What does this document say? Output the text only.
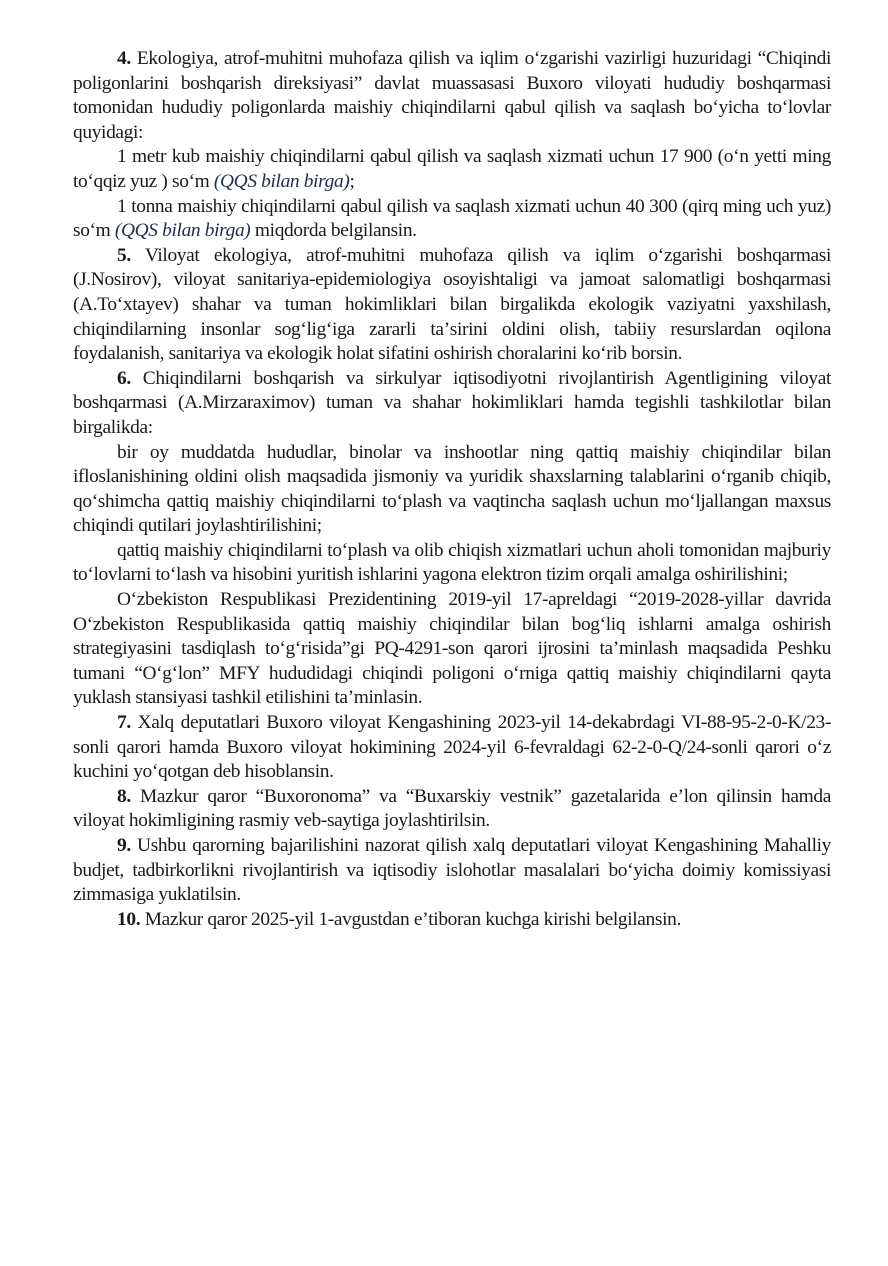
4. Ekologiya, atrof-muhitni muhofaza qilish va iqlim oʻzgarishi vazirligi huzuridagi “Chiqindi poligonlarini boshqarish direksiyasi” davlat muassasasi Buxoro viloyati hududiy boshqarmasi tomonidan hududiy poligonlarda maishiy chiqindilarni qabul qilish va saqlash boʻyicha toʻlovlar quyidagi:

1 metr kub maishiy chiqindilarni qabul qilish va saqlash xizmati uchun 17 900 (oʻn yetti ming toʻqqiz yuz ) soʻm (QQS bilan birga);

1 tonna maishiy chiqindilarni qabul qilish va saqlash xizmati uchun 40 300 (qirq ming uch yuz) soʻm (QQS bilan birga) miqdorda belgilansin.

5. Viloyat ekologiya, atrof-muhitni muhofaza qilish va iqlim oʻzgarishi boshqarmasi (J.Nosirov), viloyat sanitariya-epidemiologiya osoyishtaligi va jamoat salomatligi boshqarmasi (A.Toʻxtayev) shahar va tuman hokimliklari bilan birgalikda ekologik vaziyatni yaxshilash, chiqindilarning insonlar sogʻligʻiga zararli taʼsirini oldini olish, tabiiy resurslardan oqilona foydalanish, sanitariya va ekologik holat sifatini oshirish choralarini koʻrib borsin.

6. Chiqindilarni boshqarish va sirkulyar iqtisodiyotni rivojlantirish Agentligining viloyat boshqarmasi (A.Mirzaraximov) tuman va shahar hokimliklari hamda tegishli tashkilotlar bilan birgalikda:

bir oy muddatda hududlar, binolar va inshootlar ning qattiq maishiy chiqindilar bilan ifloslanishining oldini olish maqsadida jismoniy va yuridik shaxslarning talablarini oʻrganib chiqib, qoʻshimcha qattiq maishiy chiqindilarni toʻplash va vaqtincha saqlash uchun moʻljallangan maxsus chiqindi qutilari joylashtirilishini;

qattiq maishiy chiqindilarni toʻplash va olib chiqish xizmatlari uchun aholi tomonidan majburiy toʻlovlarni toʻlash va hisobini yuritish ishlarini yagona elektron tizim orqali amalga oshirilishini;

Oʻzbekiston Respublikasi Prezidentining 2019-yil 17-apreldagi “2019-2028-yillar davrida Oʻzbekiston Respublikasida qattiq maishiy chiqindilar bilan bogʻliq ishlarni amalga oshirish strategiyasini tasdiqlash toʻgʻrisida”gi PQ-4291-son qarori ijrosini taʼminlash maqsadida Peshku tumani “Oʻgʻlon” MFY hududidagi chiqindi poligoni oʻrniga qattiq maishiy chiqindilarni qayta yuklash stansiyasi tashkil etilishini taʼminlasin.

7. Xalq deputatlari Buxoro viloyat Kengashining 2023-yil 14-dekabrdagi VI-88-95-2-0-K/23-sonli qarori hamda Buxoro viloyat hokimining 2024-yil 6-fevraldagi 62-2-0-Q/24-sonli qarori oʻz kuchini yoʻqotgan deb hisoblansin.

8. Mazkur qaror “Buxoronoma” va “Buxarskiy vestnik” gazetalarida eʼlon qilinsin hamda viloyat hokimligining rasmiy veb-saytiga joylashtirilsin.

9. Ushbu qarorning bajarilishini nazorat qilish xalq deputatlari viloyat Kengashining Mahalliy budjet, tadbirkorlikni rivojlantirish va iqtisodiy islohotlar masalalari boʻyicha doimiy komissiyasi zimmasiga yuklatilsin.

10. Mazkur qaror 2025-yil 1-avgustdan eʼtiboran kuchga kirishi belgilansin.
